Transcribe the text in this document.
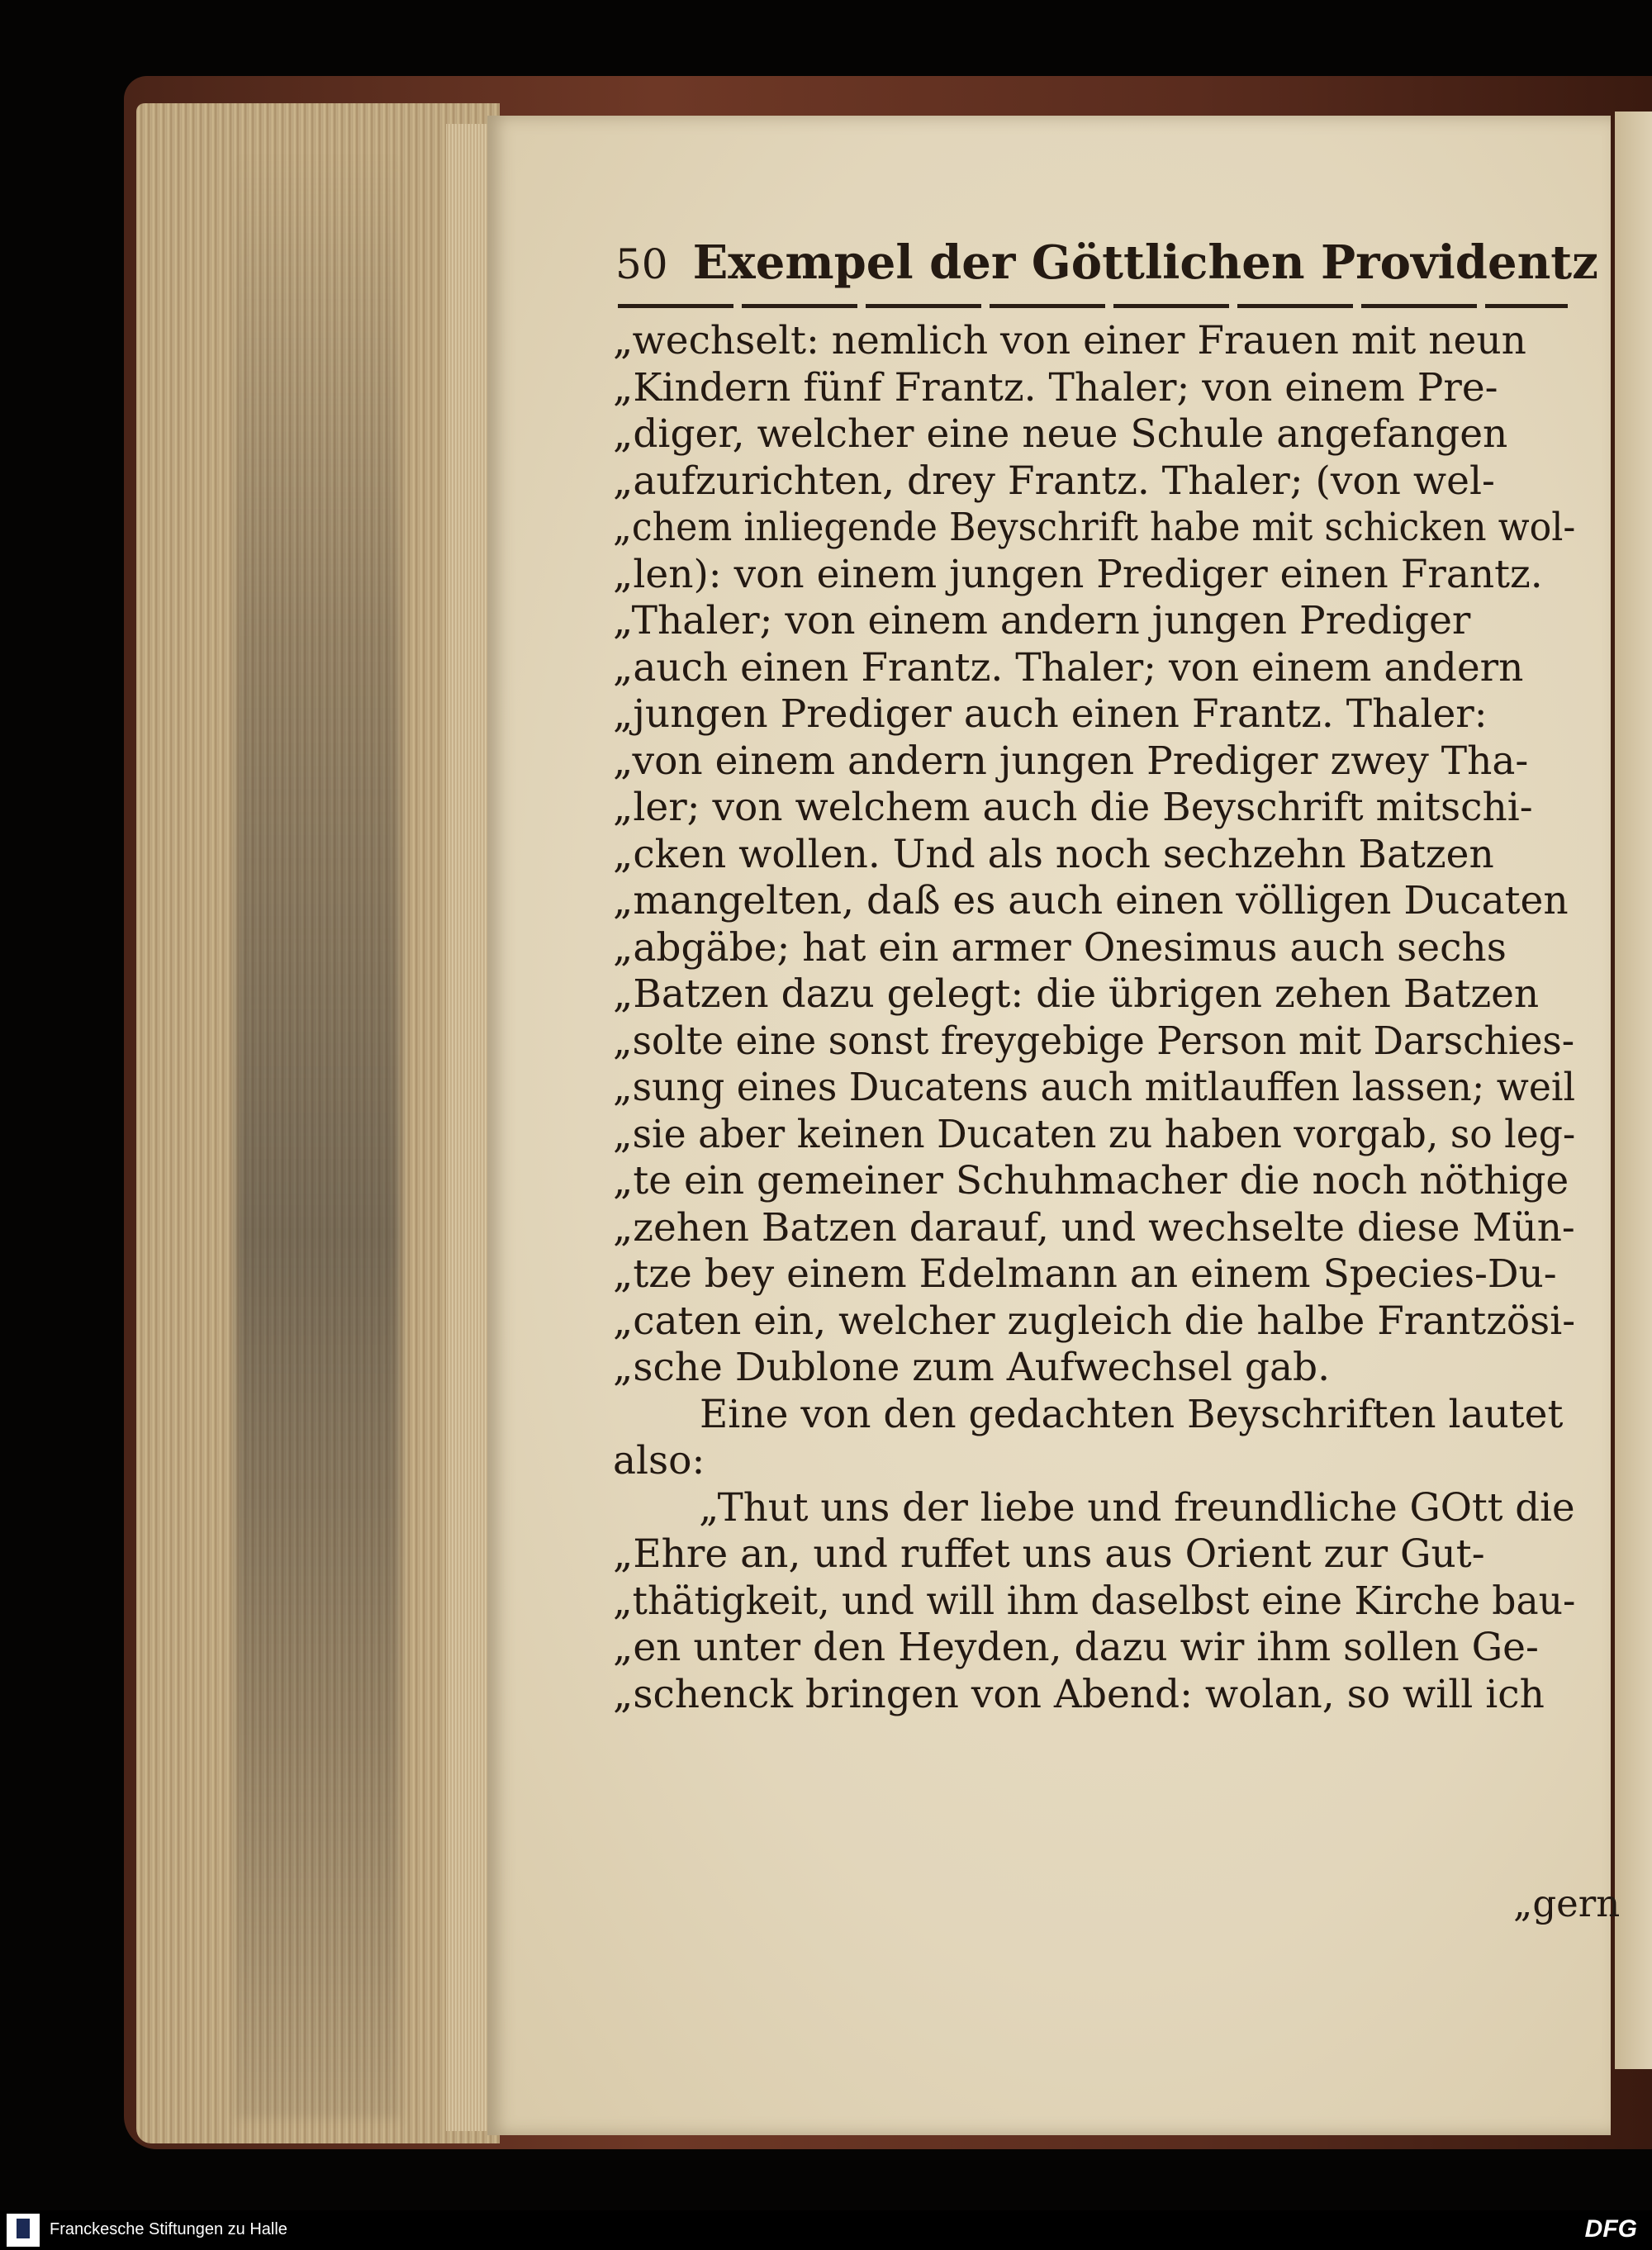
50 Exempel der Göttlichen Providentz
„wechselt: nemlich von einer Frauen mit neun
„Kindern fünf Frantz. Thaler; von einem Pre-
„diger, welcher eine neue Schule angefangen
„aufzurichten, drey Frantz. Thaler; (von wel-
„chem inliegende Beyschrift habe mit schicken wol-
„len): von einem jungen Prediger einen Frantz.
„Thaler; von einem andern jungen Prediger
„auch einen Frantz. Thaler; von einem andern
„jungen Prediger auch einen Frantz. Thaler:
„von einem andern jungen Prediger zwey Tha-
„ler; von welchem auch die Beyschrift mitschi-
„cken wollen. Und als noch sechzehn Batzen
„mangelten, daß es auch einen völligen Ducaten
„abgäbe; hat ein armer Onesimus auch sechs
„Batzen dazu gelegt: die übrigen zehen Batzen
„solte eine sonst freygebige Person mit Darschies-
„sung eines Ducatens auch mitlauffen lassen; weil
„sie aber keinen Ducaten zu haben vorgab, so leg-
„te ein gemeiner Schuhmacher die noch nöthige
„zehen Batzen darauf, und wechselte diese Mün-
„tze bey einem Edelmann an einem Species-Du-
„caten ein, welcher zugleich die halbe Frantzösi-
„sche Dublone zum Aufwechsel gab.
Eine von den gedachten Beyschriften lautet
also:
„Thut uns der liebe und freundliche GOtt die
„Ehre an, und ruffet uns aus Orient zur Gut-
„thätigkeit, und will ihm daselbst eine Kirche bau-
„en unter den Heyden, dazu wir ihm sollen Ge-
„schenck bringen von Abend: wolan, so will ich
„gern
Franckesche Stiftungen zu Halle	DFG
